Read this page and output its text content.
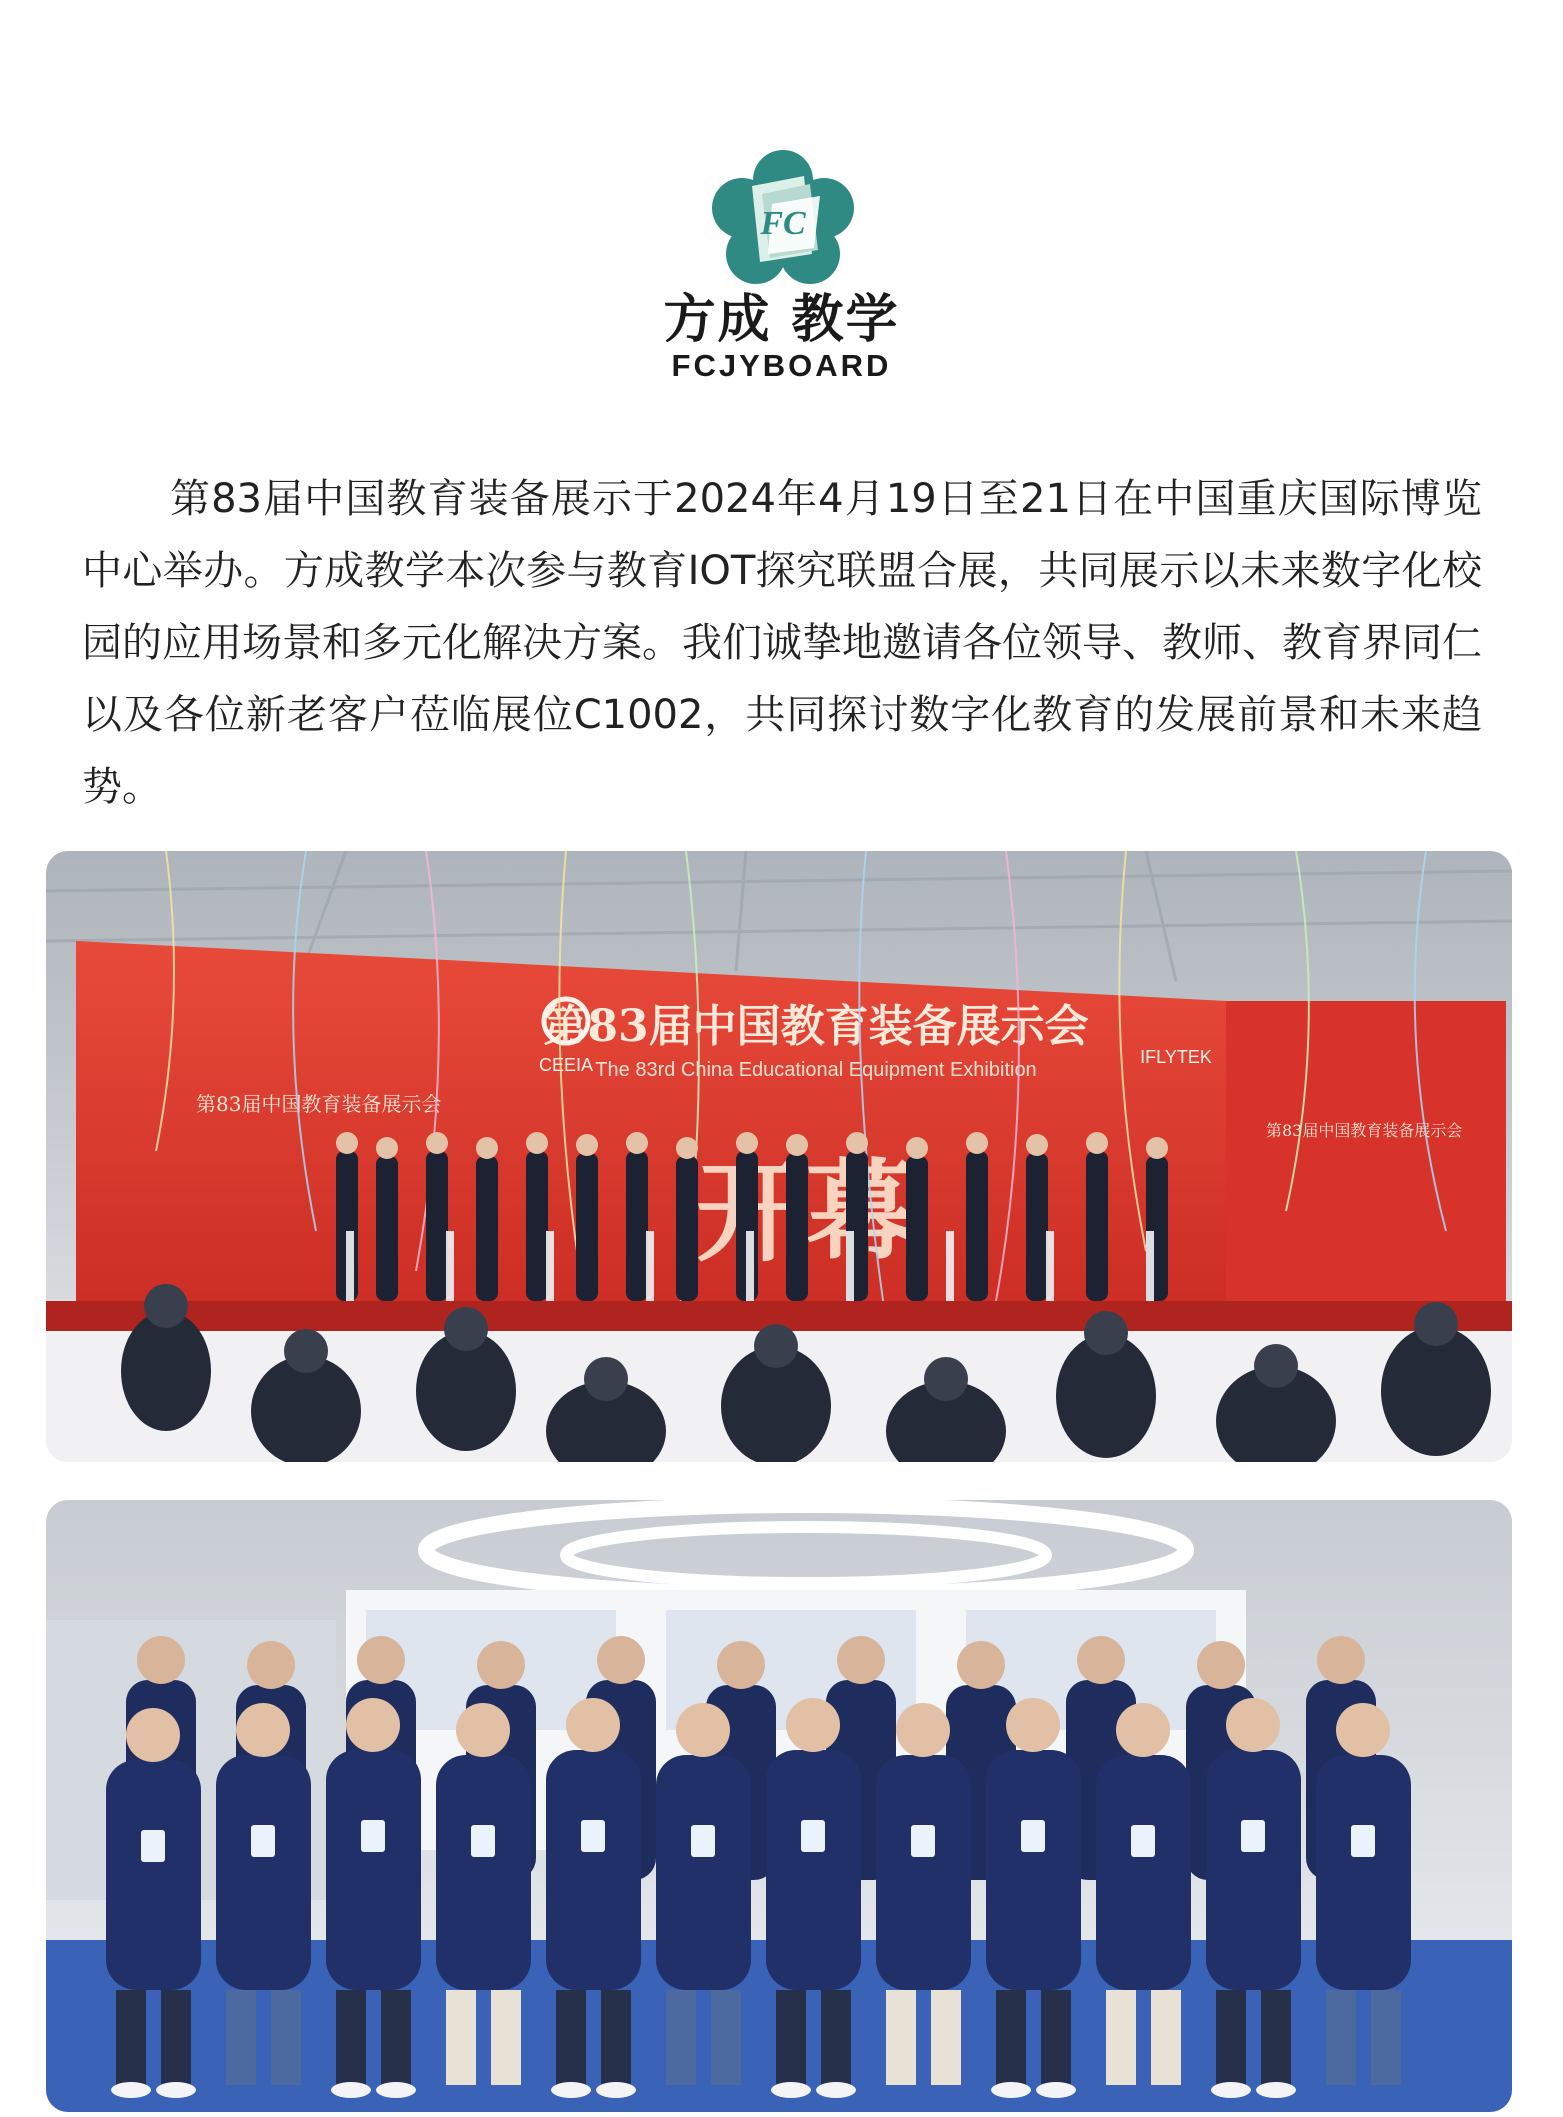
FC
方成 教学
FCJYBOARD

第83届中国教育装备展示于2024年4月19日至21日在中国重庆国际博览中心举办。方成教学本次参与教育IOT探究联盟合展，共同展示以未来数字化校园的应用场景和多元化解决方案。我们诚挚地邀请各位领导、教师、教育界同仁以及各位新老客户莅临展位C1002，共同探讨数字化教育的发展前景和未来趋势。

第83届中国教育装备展示会
The 83rd China Educational Equipment Exhibition
CEEIA	IFLYTEK
第83届中国教育装备展示会
第83届中国教育装备展示会
